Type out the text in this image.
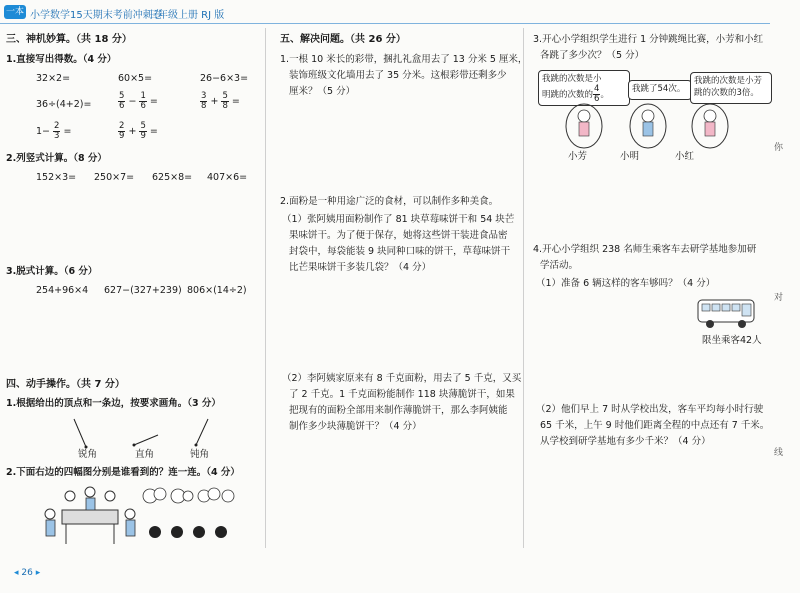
一本 小学数学15天期末考前冲刺卷
三年级上册 RJ 版
三、神机妙算。（共 18 分）
1.直接写出得数。（4 分）
32×2=	60×5=	26−6×3=
36÷(4+2)=	$\frac{5}{6} - \frac{1}{6}$ =	$\frac{3}{8} + \frac{5}{8}$ =
$1- \frac{2}{3}$ =	$\frac{2}{9} + \frac{5}{9}$ =
2.列竖式计算。（8 分）
152×3= 250×7= 625×8= 407×6=
3.脱式计算。（6 分）
254+96×4 627−(327+239) 806×(14÷2)
四、动手操作。（共 7 分）
1.根据给出的顶点和一条边，按要求画角。（3 分）
锐角	直角	钝角
2.下面右边的四幅图分别是谁看到的？连一连。（4 分）
五、解决问题。（共 26 分）
1.一根 10 米长的彩带，捆扎礼盒用去了 13 分米 5 厘米，
装饰班级文化墙用去了 35 分米。这根彩带还剩多少
厘米？（5 分）
2.面粉是一种用途广泛的食材，可以制作多种美食。
（1）张阿姨用面粉制作了 81 块草莓味饼干和 54 块芒
果味饼干。为了便于保存，她将这些饼干装进食品密
封袋中，每袋能装 9 块同种口味的饼干，草莓味饼干
比芒果味饼干多装几袋？（4 分）
（2）李阿姨家原来有 8 千克面粉，用去了 5 千克，又买
了 2 千克。1 千克面粉能制作 118 块薄脆饼干，如果
把现有的面粉全部用来制作薄脆饼干，那么李阿姨能
制作多少块薄脆饼干？（4 分）
3.开心小学组织学生进行 1 分钟跳绳比赛，小芳和小红
各跳了多少次？（5 分）
我跳的次数是小
明跳的次数的 $\frac{4}{6}$ 。
我跳了54次。
我跳的次数是小芳
跳的次数的3倍。
小芳	小明	小红
4.开心小学组织 238 名师生乘客车去研学基地参加研
学活动。
（1）准备 6 辆这样的客车够吗？（4 分）
限坐乘客42人
（2）他们早上 7 时从学校出发，客车平均每小时行驶
65 千米，上午 9 时他们距离全程的中点还有 7 千米。
从学校到研学基地有多少千米？（4 分）
你
对
线
◂ 26 ▸
